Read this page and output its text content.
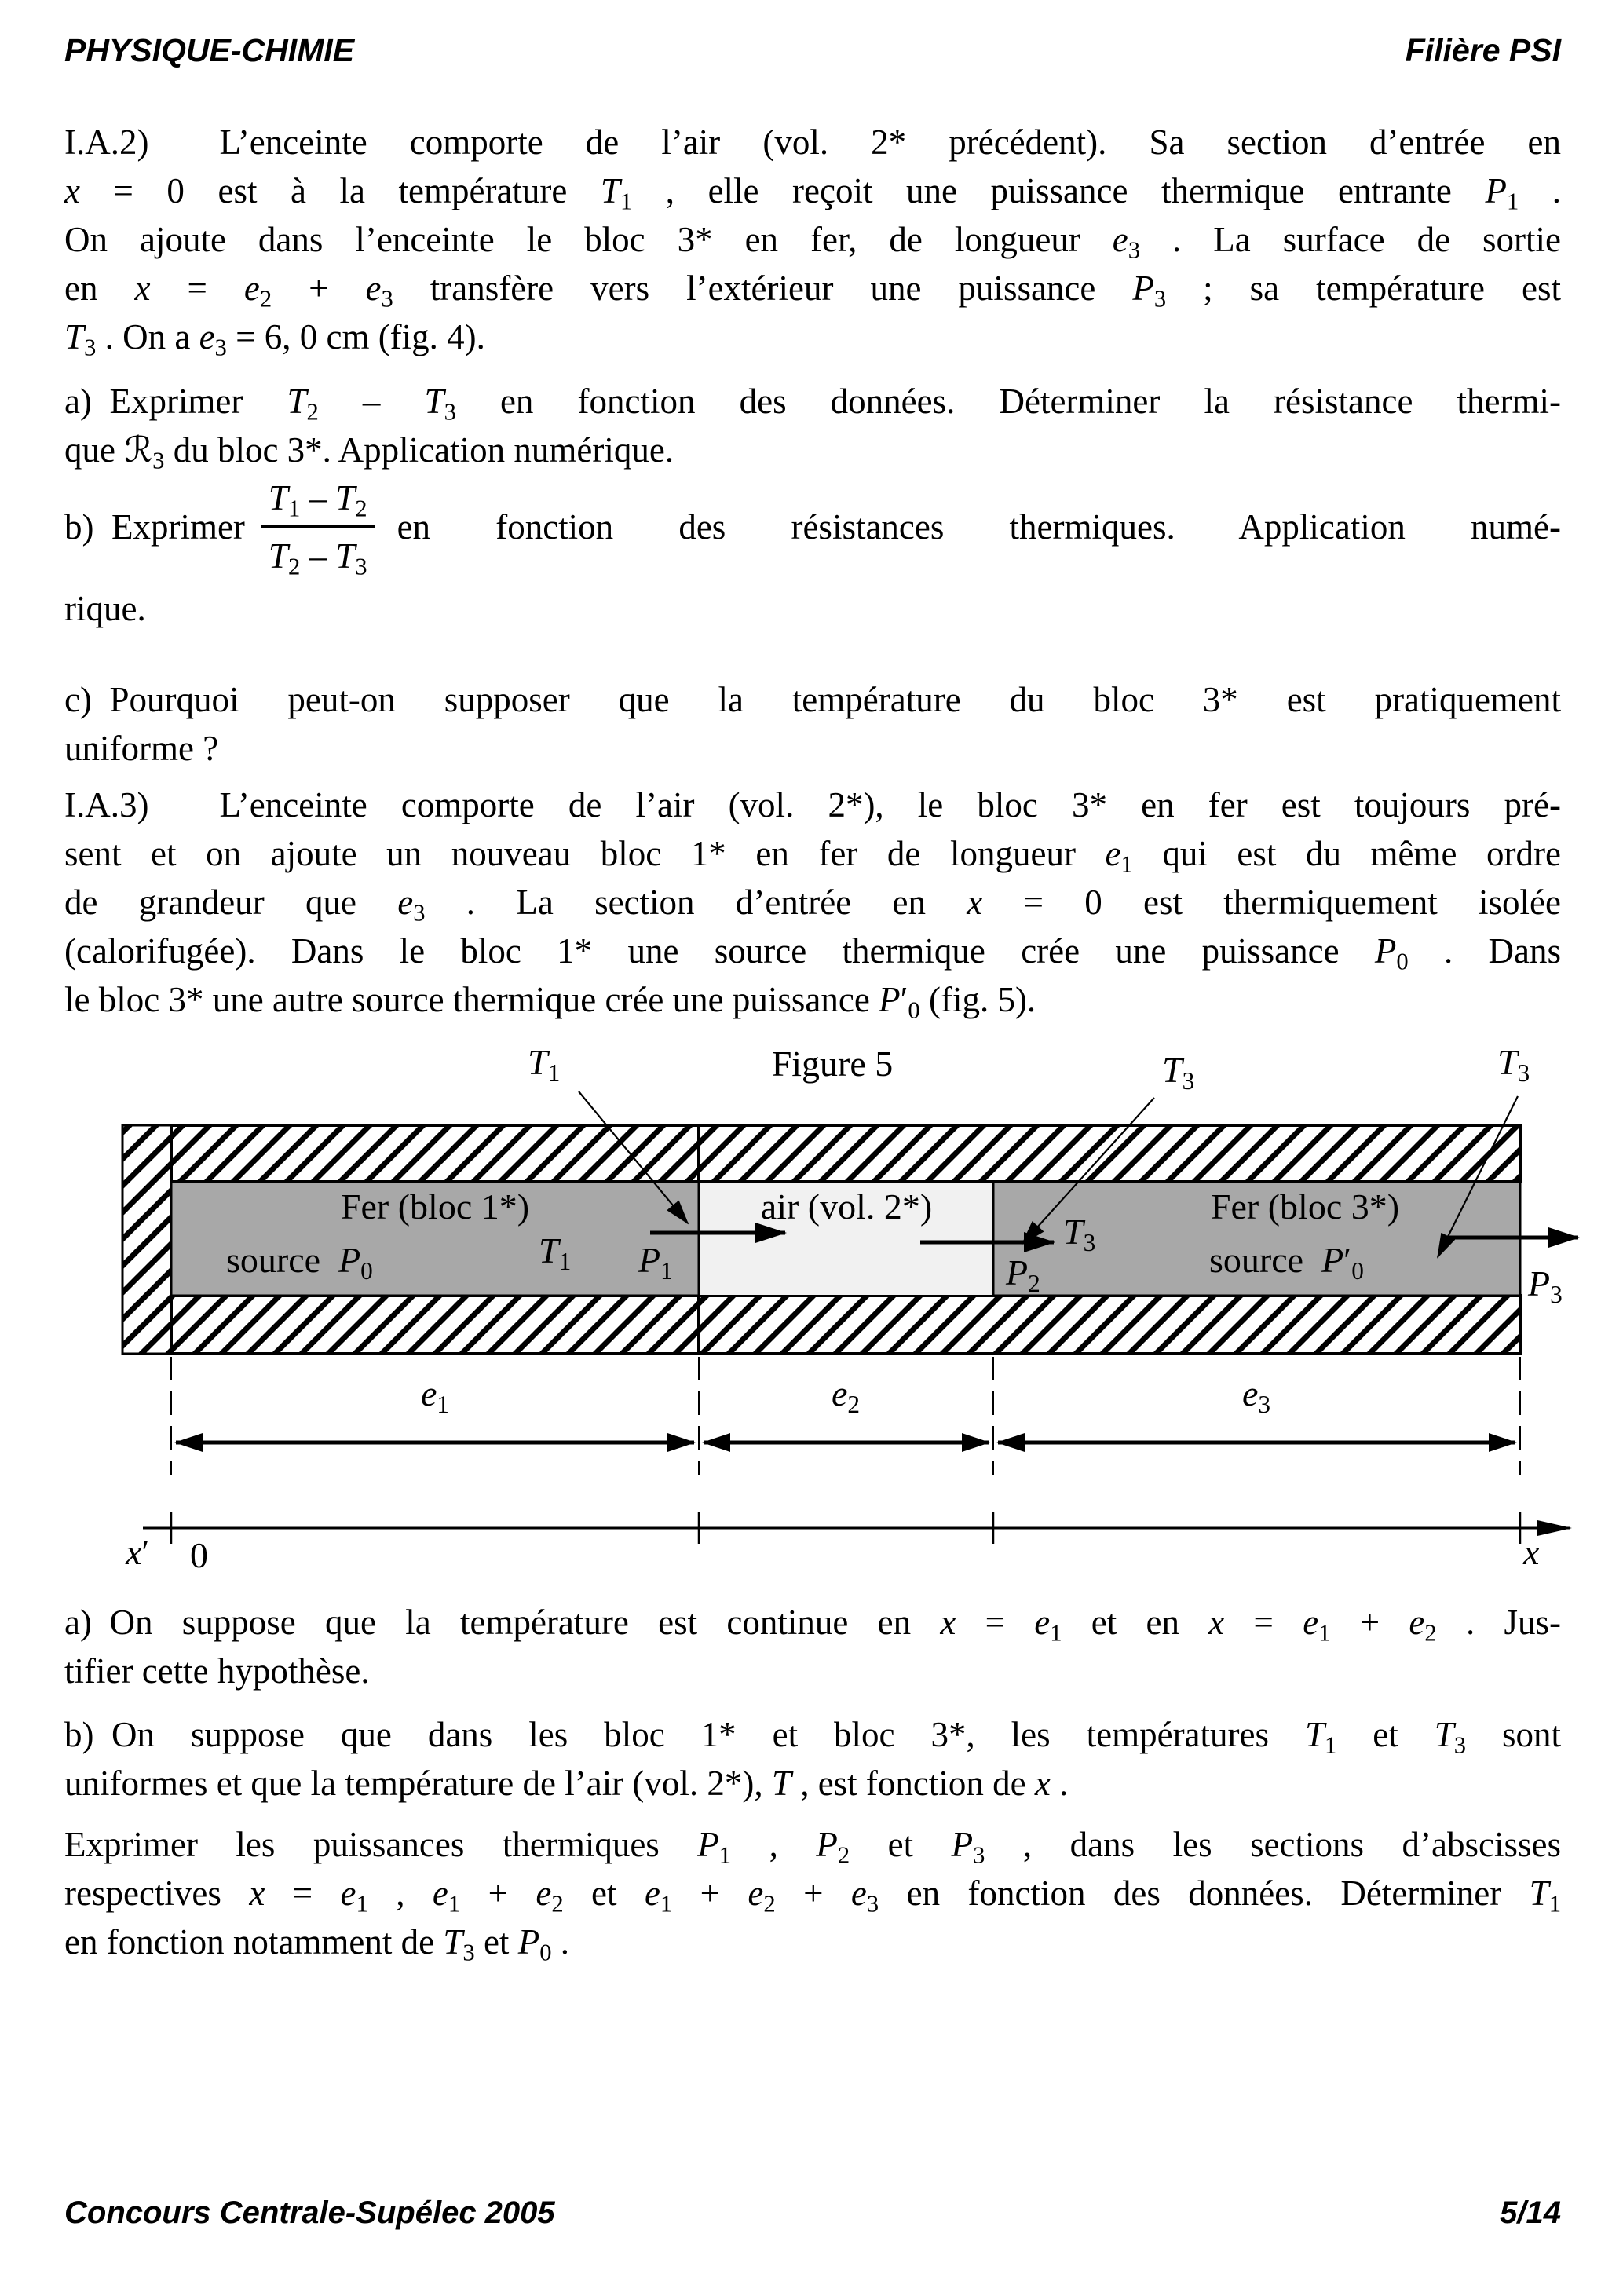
PHYSIQUE-CHIMIE	Filière PSI
I.A.2)  L’enceinte comporte de l’air (vol. 2* précédent). Sa section d’entrée en
x = 0 est à la température $T_1$ , elle reçoit une puissance thermique entrante $P_1$ .
On ajoute dans l’enceinte le bloc 3* en fer, de longueur $e_3$ . La surface de sortie
en $x = e_2 + e_3$ transfère vers l’extérieur une puissance $P_3$ ; sa température est
$T_3$ . On a $e_3 = 6$, 0 cm (fig. 4).
a) Exprimer $T_2 - T_3$ en fonction des données. Déterminer la résistance thermi-
que ℛ$_3$ du bloc 3*. Application numérique.
b) Exprimer $\frac{T_1 - T_2}{T_2 - T_3}$ en fonction des résistances thermiques. Application numé-
rique.
c) Pourquoi peut-on supposer que la température du bloc 3* est pratiquement
uniforme ?
I.A.3)  L’enceinte comporte de l’air (vol. 2*), le bloc 3* en fer est toujours pré-
sent et on ajoute un nouveau bloc 1* en fer de longueur $e_1$ qui est du même ordre
de grandeur que $e_3$ . La section d’entrée en x = 0 est thermiquement isolée
(calorifugée). Dans le bloc 1* une source thermique crée une puissance $P_0$ . Dans
le bloc 3* une autre source thermique crée une puissance $P'_0$ (fig. 5).
$T_1$	Figure 5	$T_3$	$T_3$
Fer (bloc 1*)
source  $P_0$
$T_1$ $P_1$
air (vol. 2*)
$P_2$
$T_3$
Fer (bloc 3*)
source  $P'_0$	$P_3$
$e_1$	$e_2$	$e_3$
x′ 0	x
a) On suppose que la température est continue en $x = e_1$ et en $x = e_1 + e_2$ . Jus-
tifier cette hypothèse.
b) On suppose que dans les bloc 1* et bloc 3*, les températures $T_1$ et $T_3$ sont
uniformes et que la température de l’air (vol. 2*), T , est fonction de x .
Exprimer les puissances thermiques $P_1$ , $P_2$ et $P_3$ , dans les sections d’abscisses
respectives $x = e_1$ , $e_1 + e_2$ et $e_1 + e_2 + e_3$ en fonction des données. Déterminer $T_1$
en fonction notamment de $T_3$ et $P_0$ .
Concours Centrale-Supélec 2005	5/14
